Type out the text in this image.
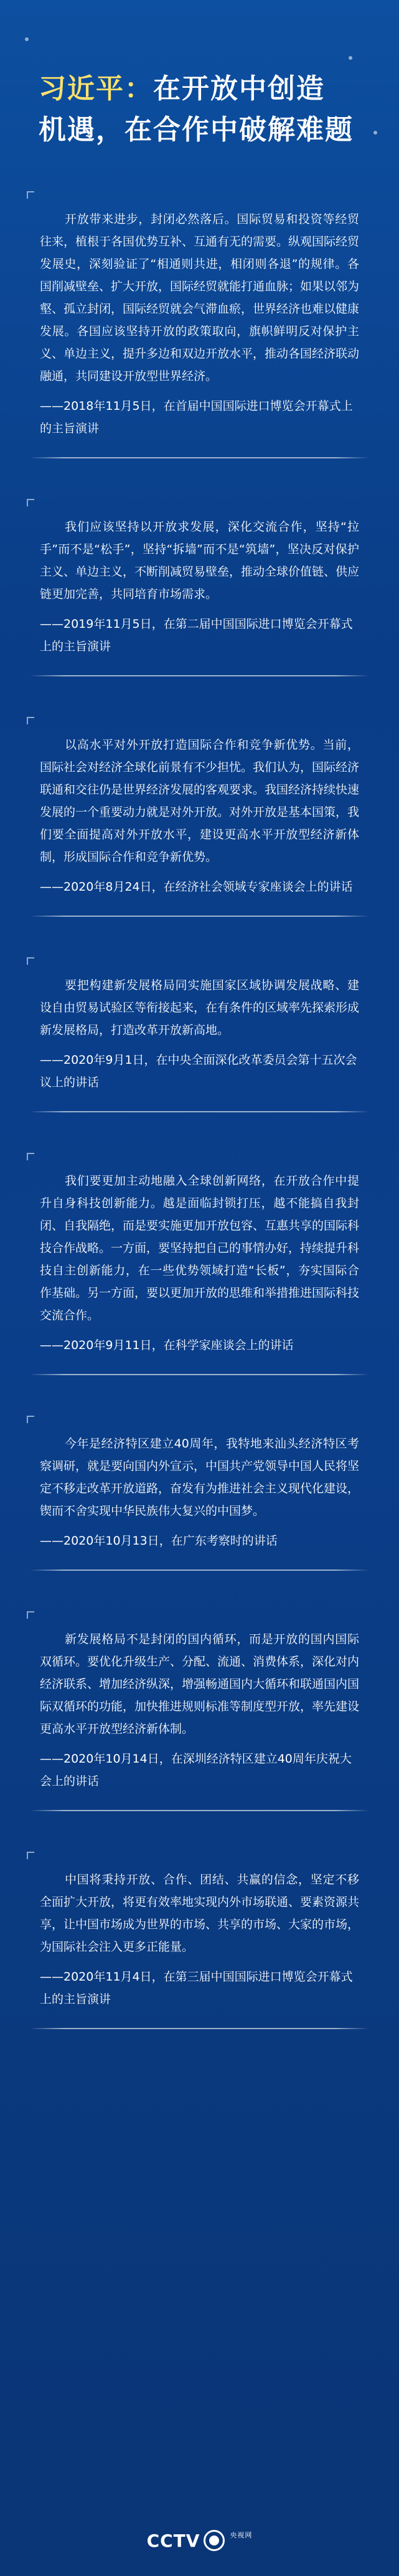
习近平：在开放中创造
机遇，在合作中破解难题

开放带来进步，封闭必然落后。国际贸易和投资等经贸往来，植根于各国优势互补、互通有无的需要。纵观国际经贸发展史，深刻验证了“相通则共进，相闭则各退”的规律。各国削减壁垒、扩大开放，国际经贸就能打通血脉；如果以邻为壑、孤立封闭，国际经贸就会气滞血瘀，世界经济也难以健康发展。各国应该坚持开放的政策取向，旗帜鲜明反对保护主义、单边主义，提升多边和双边开放水平，推动各国经济联动融通，共同建设开放型世界经济。

——2018年11月5日，在首届中国国际进口博览会开幕式上的主旨演讲

我们应该坚持以开放求发展，深化交流合作，坚持“拉手”而不是“松手”，坚持“拆墙”而不是“筑墙”，坚决反对保护主义、单边主义，不断削减贸易壁垒，推动全球价值链、供应链更加完善，共同培育市场需求。

——2019年11月5日，在第二届中国国际进口博览会开幕式上的主旨演讲

以高水平对外开放打造国际合作和竞争新优势。当前，国际社会对经济全球化前景有不少担忧。我们认为，国际经济联通和交往仍是世界经济发展的客观要求。我国经济持续快速发展的一个重要动力就是对外开放。对外开放是基本国策，我们要全面提高对外开放水平，建设更高水平开放型经济新体制，形成国际合作和竞争新优势。

——2020年8月24日，在经济社会领域专家座谈会上的讲话

要把构建新发展格局同实施国家区域协调发展战略、建设自由贸易试验区等衔接起来，在有条件的区域率先探索形成新发展格局，打造改革开放新高地。

——2020年9月1日，在中央全面深化改革委员会第十五次会议上的讲话

我们要更加主动地融入全球创新网络，在开放合作中提升自身科技创新能力。越是面临封锁打压，越不能搞自我封闭、自我隔绝，而是要实施更加开放包容、互惠共享的国际科技合作战略。一方面，要坚持把自己的事情办好，持续提升科技自主创新能力，在一些优势领域打造“长板”，夯实国际合作基础。另一方面，要以更加开放的思维和举措推进国际科技交流合作。

——2020年9月11日，在科学家座谈会上的讲话

今年是经济特区建立40周年，我特地来汕头经济特区考察调研，就是要向国内外宣示，中国共产党领导中国人民将坚定不移走改革开放道路，奋发有为推进社会主义现代化建设，锲而不舍实现中华民族伟大复兴的中国梦。

——2020年10月13日，在广东考察时的讲话

新发展格局不是封闭的国内循环，而是开放的国内国际双循环。要优化升级生产、分配、流通、消费体系，深化对内经济联系、增加经济纵深，增强畅通国内大循环和联通国内国际双循环的功能，加快推进规则标准等制度型开放，率先建设更高水平开放型经济新体制。

——2020年10月14日，在深圳经济特区建立40周年庆祝大会上的讲话

中国将秉持开放、合作、团结、共赢的信念，坚定不移全面扩大开放，将更有效率地实现内外市场联通、要素资源共享，让中国市场成为世界的市场、共享的市场、大家的市场，为国际社会注入更多正能量。

——2020年11月4日，在第三届中国国际进口博览会开幕式上的主旨演讲

CCTV	央视网
